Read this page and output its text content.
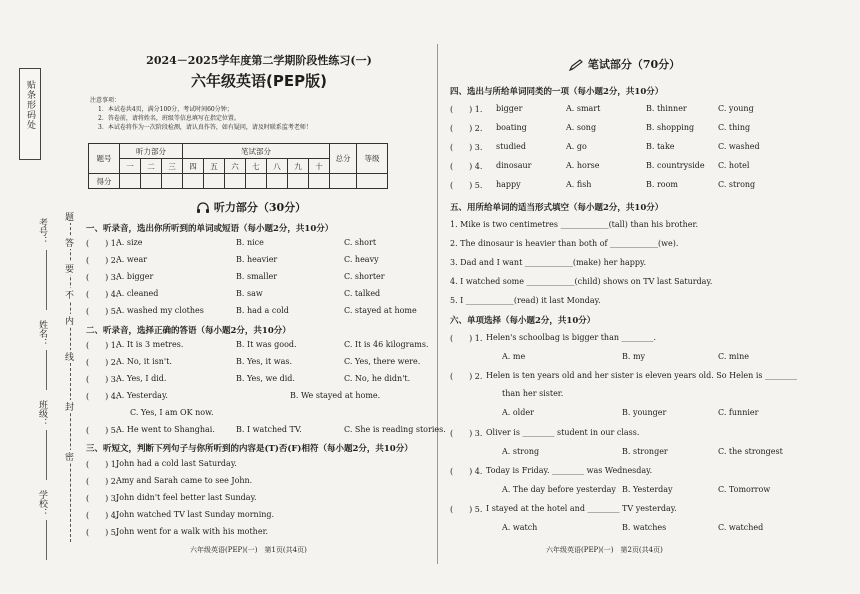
贴条形码处
考号：
姓名：
班级：
学校：
题
答
要
不
内
线
封
密
2024－2025学年度第二学期阶段性练习(一)
六年级英语(PEP版)
注意事项：
1．本试卷共4页，满分100分，考试时间60分钟；
2．答卷前，请将姓名，班级等信息填写在指定位置。
3．本试卷将作为一次阶段检测，请认真作答，如有疑问，请及时联系监考老师！
题号	听力部分			笔试部分							总分	等级
	一	二	三	四	五	六	七	八	九	十		
得分												
听力部分（30分）
一、听录音，选出你所听到的单词或短语（每小题2分，共10分）
(　　) 1.
A. size	B. nice	C. short
(　　) 2.
A. wear	B. heavier	C. heavy
(　　) 3.
A. bigger	B. smaller	C. shorter
(　　) 4.
A. cleaned	B. saw	C. talked
(　　) 5.
A. washed my clothes	B. had a cold	C. stayed at home
二、听录音，选择正确的答语（每小题2分，共10分）
(　　) 1.
A. It is 3 metres.	B. It was good.	C. It is 46 kilograms.
(　　) 2.
A. No, it isn't.	B. Yes, it was.	C. Yes, there were.
(　　) 3.
A. Yes, I did.	B. Yes, we did.	C. No, he didn't.
(　　) 4.
A. Yesterday.	B. We stayed at home.
C. Yes, I am OK now.
(　　) 5.
A. He went to Shanghai.	B. I watched TV.	C. She is reading stories.
三、听短文，判断下列句子与你所听到的内容是(T)否(F)相符（每小题2分，共10分）
(　　) 1.
John had a cold last Saturday.
(　　) 2.
Amy and Sarah came to see John.
(　　) 3.
John didn't feel better last Sunday.
(　　) 4.
John watched TV last Sunday morning.
(　　) 5.
John went for a walk with his mother.
六年级英语(PEP)(一)　第1页(共4页)
笔试部分（70分）
四、选出与所给单词同类的一项（每小题2分，共10分）
(　　) 1. bigger	A. smart	B. thinner	C. young
(　　) 2. boating	A. song	B. shopping	C. thing
(　　) 3. studied	A. go	B. take	C. washed
(　　) 4. dinosaur	A. horse	B. countryside C. hotel
(　　) 5. happy	A. fish	B. room	C. strong
五、用所给单词的适当形式填空（每小题2分，共10分）
1. Mike is two centimetres ____________(tall) than his brother.
2. The dinosaur is heavier than both of ____________(we).
3. Dad and I want ____________(make) her happy.
4. I watched some ____________(child) shows on TV last Saturday.
5. I ____________(read) it last Monday.
六、单项选择（每小题2分，共10分）
(　　) 1. Helen's schoolbag is bigger than ________.
A. me	B. my	C. mine
(　　) 2. Helen is ten years old and her sister is eleven years old. So Helen is ________
than her sister.
A. older	B. younger	C. funnier
(　　) 3. Oliver is ________ student in our class.
A. strong	B. stronger	C. the strongest
(　　) 4. Today is Friday. ________ was Wednesday.
A. The day before yesterday B. Yesterday	C. Tomorrow
(　　) 5. I stayed at the hotel and ________ TV yesterday.
A. watch	B. watches	C. watched
六年级英语(PEP)(一)　第2页(共4页)
